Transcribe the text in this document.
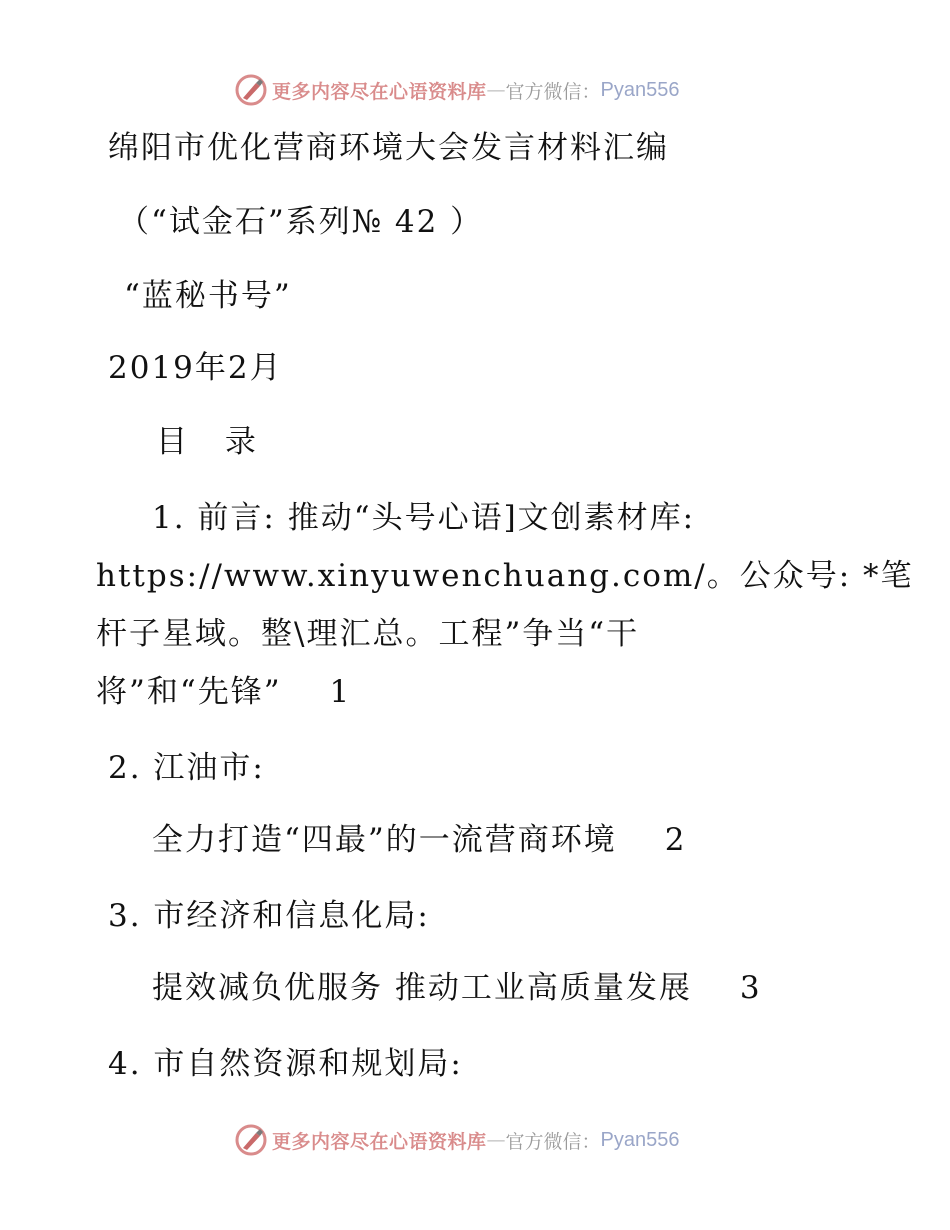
更多内容尽在心语资料库 — 官方微信： Pyan556
绵阳市优化营商环境大会发言材料汇编
（“试金石”系列№ 42 ）
“蓝秘书号”
2019年2月
目 录
1. 前言: 推动“头号心语]文创素材库:
https://www.xinyuwenchuang.com/。公众号: *笔
杆子星域。整\理汇总。工程”争当“干
将”和“先锋” 1
2. 江油市:
全力打造“四最”的一流营商环境 2
3. 市经济和信息化局:
提效减负优服务 推动工业高质量发展 3
4. 市自然资源和规划局:
更多内容尽在心语资料库 — 官方微信： Pyan556
